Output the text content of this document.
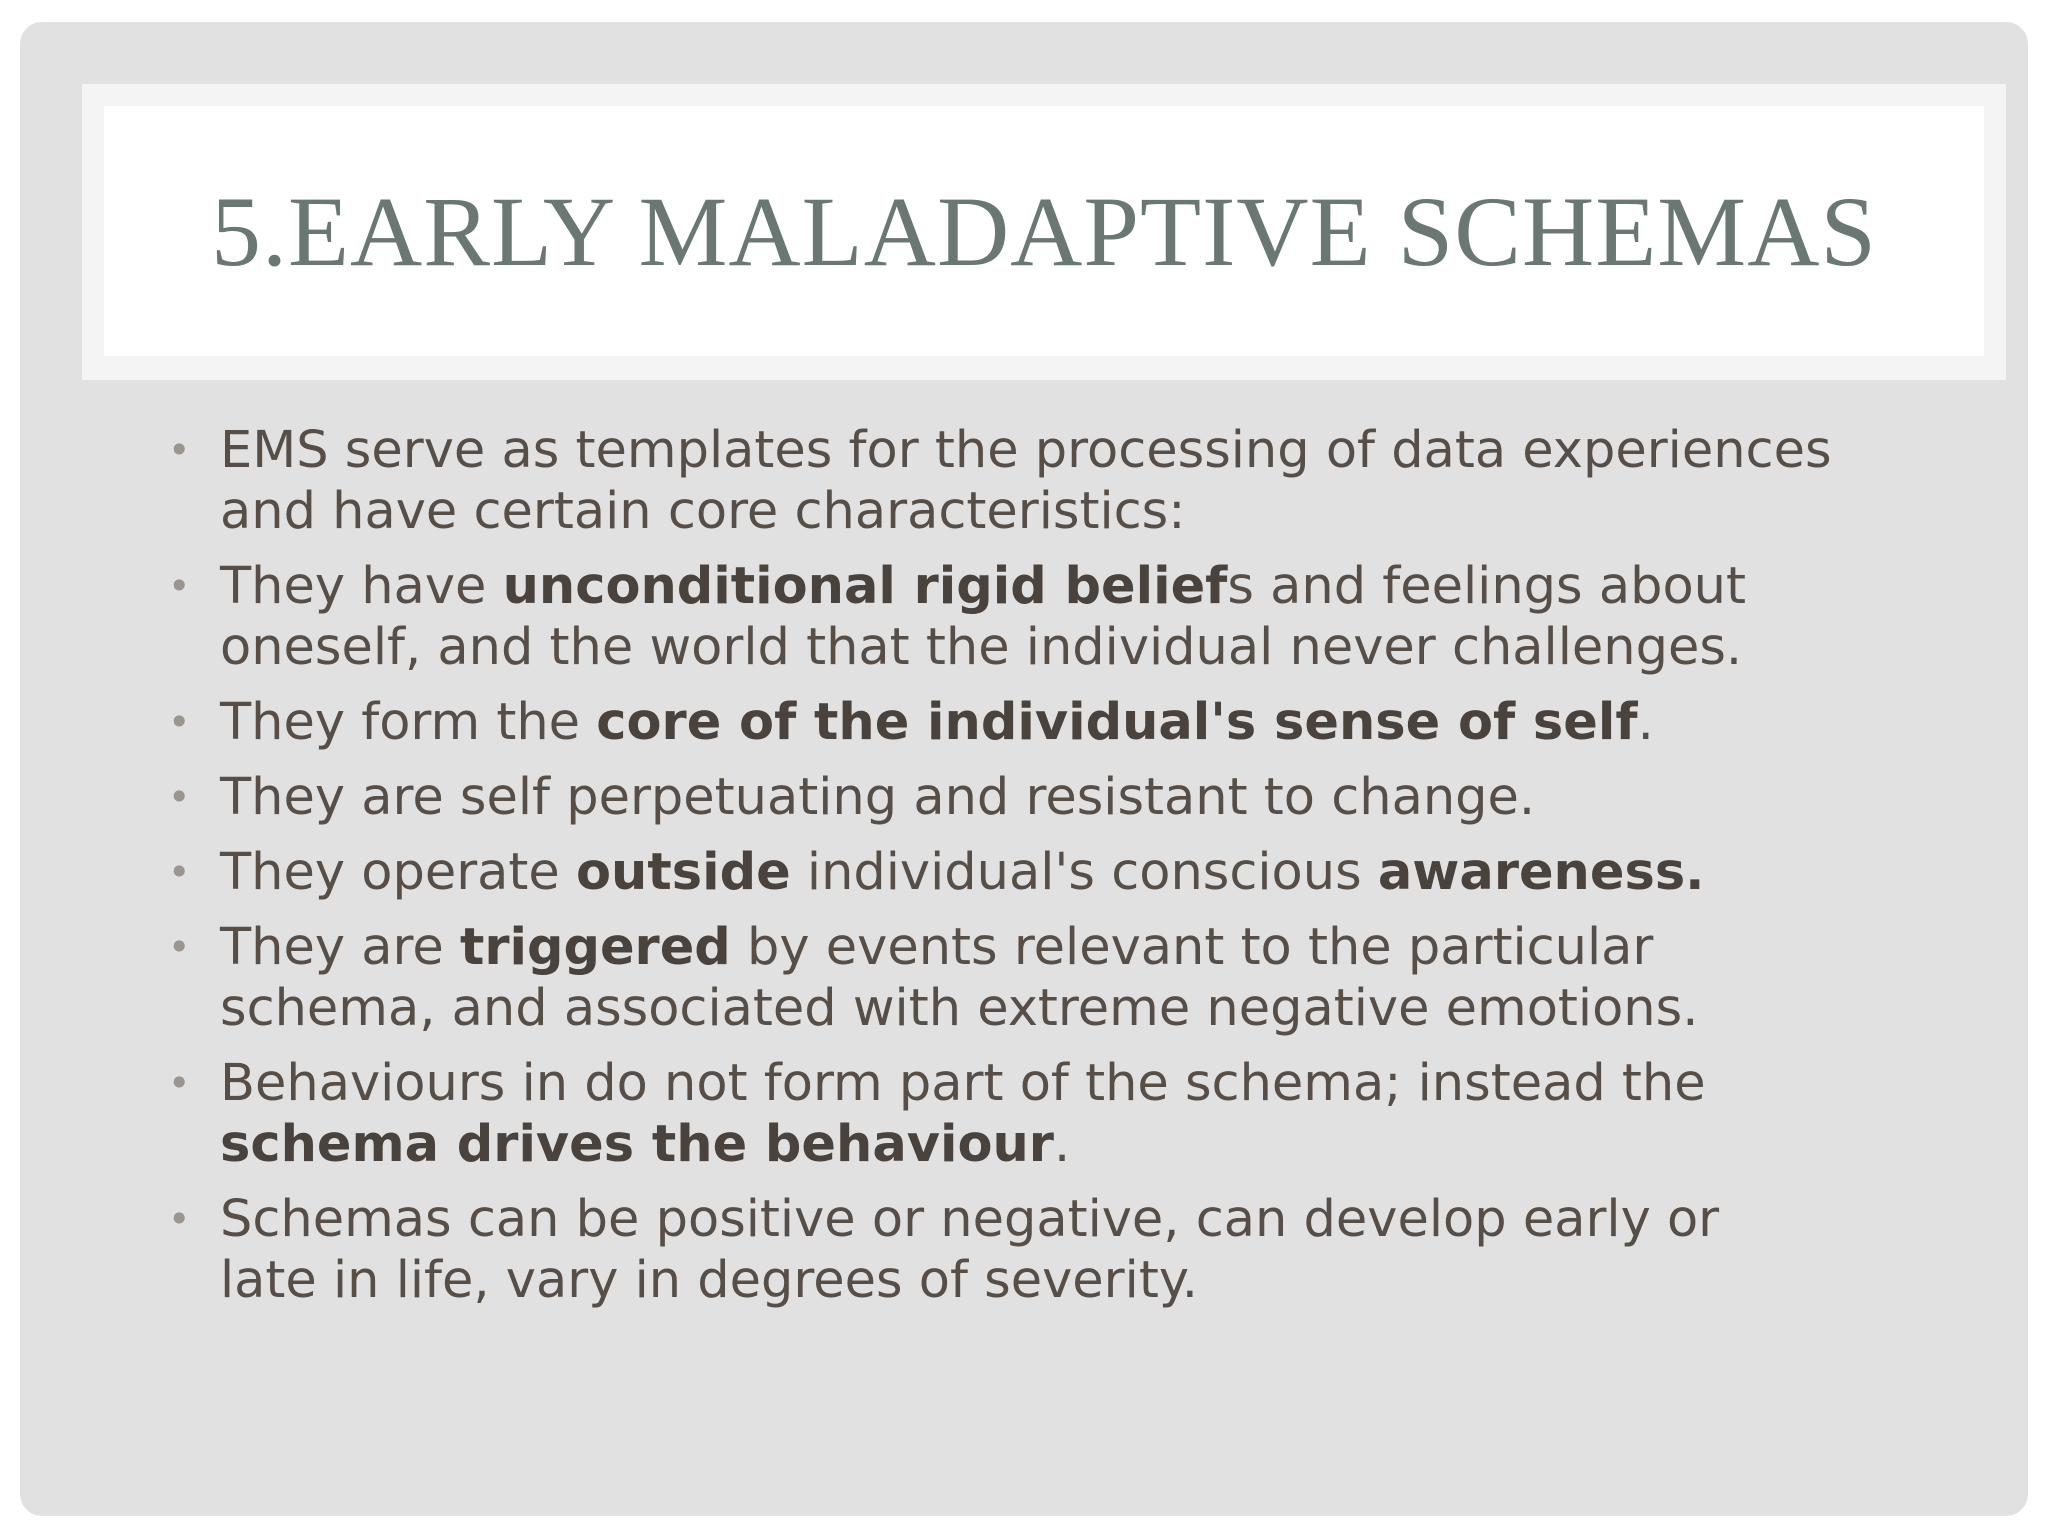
5.EARLY MALADAPTIVE SCHEMAS
• EMS serve as templates for the processing of data experiences
and have certain core characteristics:
• They have unconditional rigid beliefs and feelings about
oneself, and the world that the individual never challenges.
• They form the core of the individual's sense of self.
• They are self perpetuating and resistant to change.
• They operate outside individual's conscious awareness.
• They are triggered by events relevant to the particular
schema, and associated with extreme negative emotions.
• Behaviours in do not form part of the schema; instead the
schema drives the behaviour.
• Schemas can be positive or negative, can develop early or
late in life, vary in degrees of severity.
